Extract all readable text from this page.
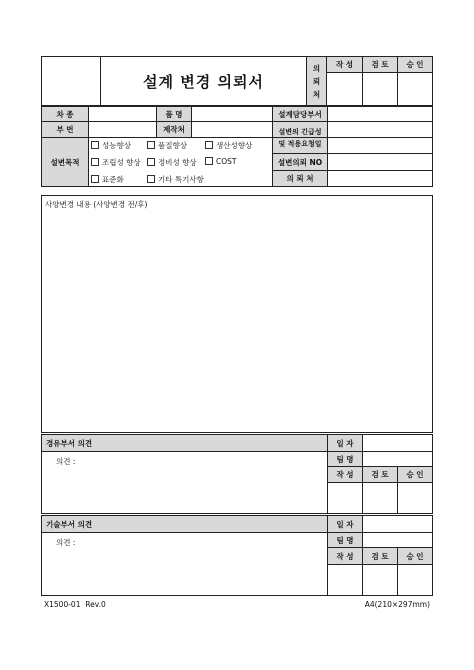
설계 변경 의뢰서
의
뢰
처
작 성	검 토	승 인
차 종	품 명	설계담당부서
부 번	제작처	설변의 긴급성
및 적용요청일
설변목적
성능향상	품질향상	생산성향상
조립성 향상	정비성 향상	COST
표준화	기타 특기사항
설변의뢰 NO
의 뢰 처
사양변경 내용 (사양변경 전/후)
경유부서 의견
의견 :
일 자
팀 명
작 성	검 토	승 인
기술부서 의견
의견 :
일 자
팀 명
작 성	검 토	승 인
X1500-01  Rev.0	A4(210×297mm)
